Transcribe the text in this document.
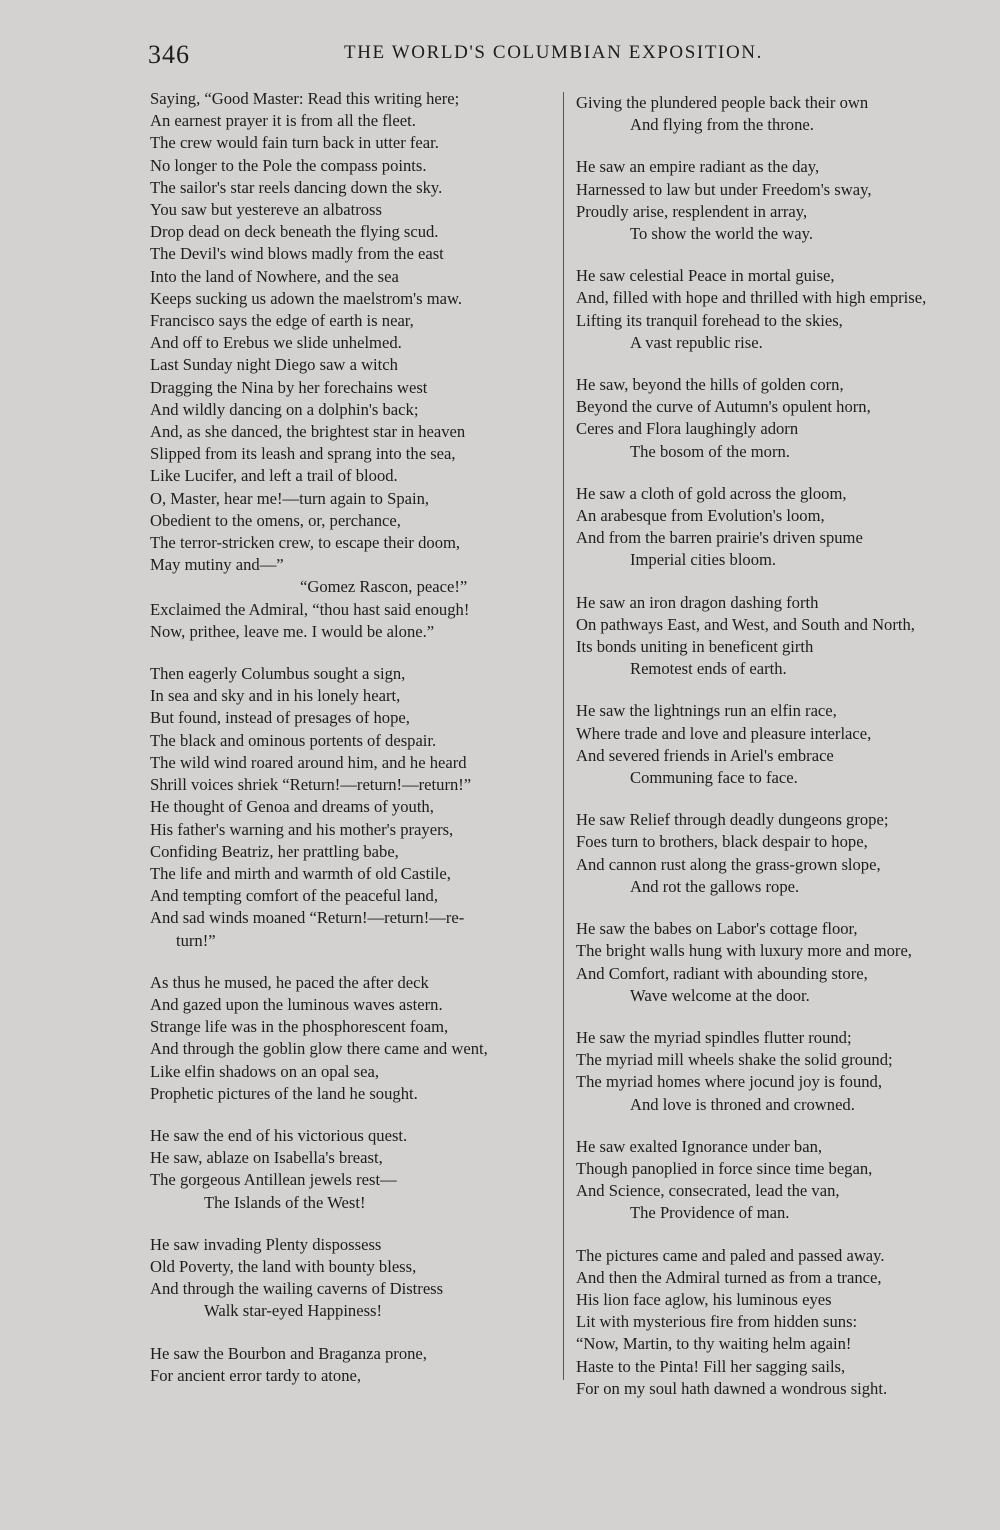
346	THE WORLD'S COLUMBIAN EXPOSITION.
Saying, “Good Master: Read this writing here;
An earnest prayer it is from all the fleet.
The crew would fain turn back in utter fear.
No longer to the Pole the compass points.
The sailor's star reels dancing down the sky.
You saw but yestereve an albatross
Drop dead on deck beneath the flying scud.
The Devil's wind blows madly from the east
Into the land of Nowhere, and the sea
Keeps sucking us adown the maelstrom's maw.
Francisco says the edge of earth is near,
And off to Erebus we slide unhelmed.
Last Sunday night Diego saw a witch
Dragging the Nina by her forechains west
And wildly dancing on a dolphin's back;
And, as she danced, the brightest star in heaven
Slipped from its leash and sprang into the sea,
Like Lucifer, and left a trail of blood.
O, Master, hear me!—turn again to Spain,
Obedient to the omens, or, perchance,
The terror-stricken crew, to escape their doom,
May mutiny and—”
“Gomez Rascon, peace!”
Exclaimed the Admiral, “thou hast said enough!
Now, prithee, leave me. I would be alone.”
Then eagerly Columbus sought a sign,
In sea and sky and in his lonely heart,
But found, instead of presages of hope,
The black and ominous portents of despair.
The wild wind roared around him, and he heard
Shrill voices shriek “Return!—return!—return!”
He thought of Genoa and dreams of youth,
His father's warning and his mother's prayers,
Confiding Beatriz, her prattling babe,
The life and mirth and warmth of old Castile,
And tempting comfort of the peaceful land,
And sad winds moaned “Return!—return!—re-
turn!”
As thus he mused, he paced the after deck
And gazed upon the luminous waves astern.
Strange life was in the phosphorescent foam,
And through the goblin glow there came and went,
Like elfin shadows on an opal sea,
Prophetic pictures of the land he sought.
He saw the end of his victorious quest.
He saw, ablaze on Isabella's breast,
The gorgeous Antillean jewels rest—
The Islands of the West!
He saw invading Plenty dispossess
Old Poverty, the land with bounty bless,
And through the wailing caverns of Distress
Walk star-eyed Happiness!
He saw the Bourbon and Braganza prone,
For ancient error tardy to atone,
Giving the plundered people back their own
And flying from the throne.
He saw an empire radiant as the day,
Harnessed to law but under Freedom's sway,
Proudly arise, resplendent in array,
To show the world the way.
He saw celestial Peace in mortal guise,
And, filled with hope and thrilled with high emprise,
Lifting its tranquil forehead to the skies,
A vast republic rise.
He saw, beyond the hills of golden corn,
Beyond the curve of Autumn's opulent horn,
Ceres and Flora laughingly adorn
The bosom of the morn.
He saw a cloth of gold across the gloom,
An arabesque from Evolution's loom,
And from the barren prairie's driven spume
Imperial cities bloom.
He saw an iron dragon dashing forth
On pathways East, and West, and South and North,
Its bonds uniting in beneficent girth
Remotest ends of earth.
He saw the lightnings run an elfin race,
Where trade and love and pleasure interlace,
And severed friends in Ariel's embrace
Communing face to face.
He saw Relief through deadly dungeons grope;
Foes turn to brothers, black despair to hope,
And cannon rust along the grass-grown slope,
And rot the gallows rope.
He saw the babes on Labor's cottage floor,
The bright walls hung with luxury more and more,
And Comfort, radiant with abounding store,
Wave welcome at the door.
He saw the myriad spindles flutter round;
The myriad mill wheels shake the solid ground;
The myriad homes where jocund joy is found,
And love is throned and crowned.
He saw exalted Ignorance under ban,
Though panoplied in force since time began,
And Science, consecrated, lead the van,
The Providence of man.
The pictures came and paled and passed away.
And then the Admiral turned as from a trance,
His lion face aglow, his luminous eyes
Lit with mysterious fire from hidden suns:
“Now, Martin, to thy waiting helm again!
Haste to the Pinta! Fill her sagging sails,
For on my soul hath dawned a wondrous sight.
